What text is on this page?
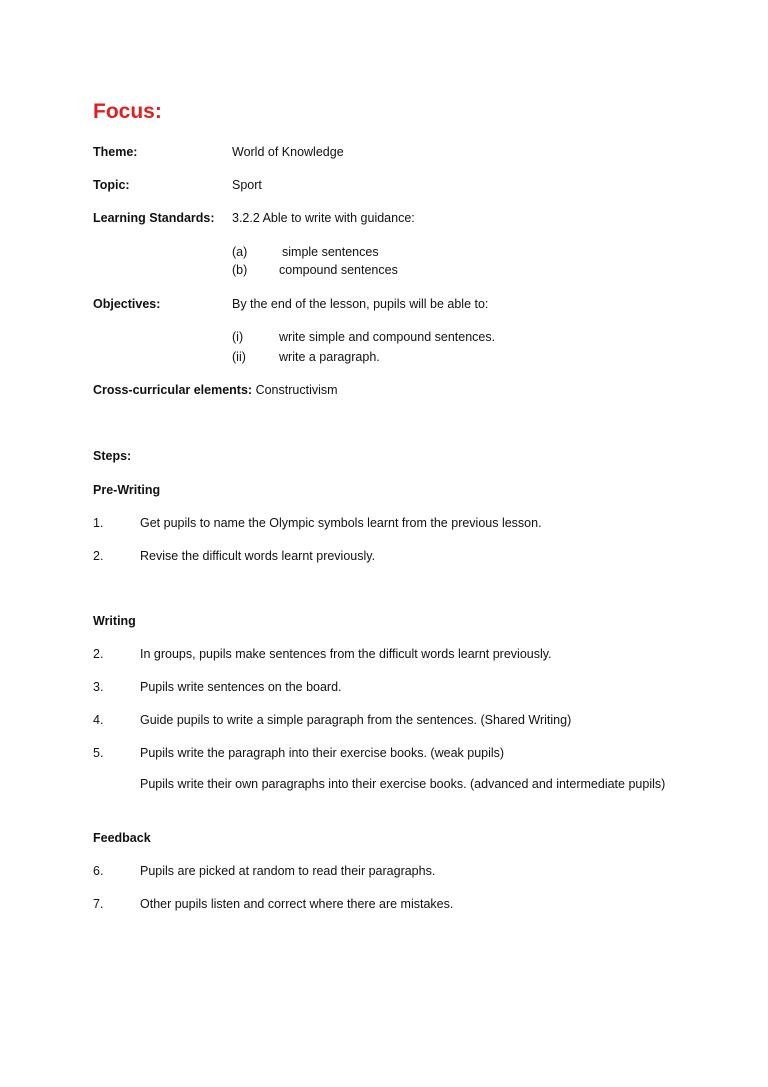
Focus:
Theme:	World of Knowledge
Topic:	Sport
Learning Standards: 3.2.2 Able to write with guidance:
(a)	simple sentences
(b)	compound sentences
Objectives:	By the end of the lesson, pupils will be able to:
(i)	write simple and compound sentences.
(ii)	write a paragraph.
Cross-curricular elements: Constructivism
Steps:
Pre-Writing
1.	Get pupils to name the Olympic symbols learnt from the previous lesson.
2.	Revise the difficult words learnt previously.
Writing
2.	In groups, pupils make sentences from the difficult words learnt previously.
3.	Pupils write sentences on the board.
4.	Guide pupils to write a simple paragraph from the sentences. (Shared Writing)
5.	Pupils write the paragraph into their exercise books. (weak pupils)
Pupils write their own paragraphs into their exercise books. (advanced and intermediate pupils)
Feedback
6.	Pupils are picked at random to read their paragraphs.
7.	Other pupils listen and correct where there are mistakes.
